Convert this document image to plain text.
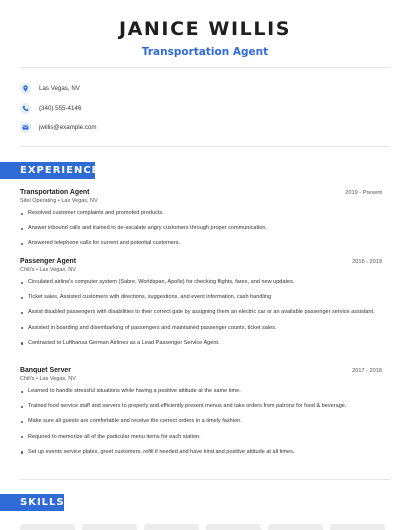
JANICE WILLIS
Transportation Agent
Las Vegas, NV
(340) 555-4146
jwillis@example.com
EXPERIENCE
Transportation Agent	2019 - Present
Sitel Operating • Las Vegas, NV
Resolved customer complaints and promoted products.
Answer inbound calls and trained to de-escalate angry customers through proper communication.
Answered telephone calls for current and potential customers.
Passenger Agent	2018 - 2019
Chili's • Las Vegas, NV
Circulated airline's computer system (Sabre, Worldspan, Apollo) for checking flights, fares, and new updates.
Ticket sales, Assisted customers with directions, suggestions, and event information, cash handling
Assist disabled passengers with disabilities to their correct gate by assigning them an electric car or an available passenger service assistant.
Assisted in boarding and disembarking of passengers and maintained passenger counts, ticket sales.
Contracted to Lufthansa German Airlines as a Lead Passenger Service Agent.
Banquet Server	2017 - 2018
Chili's • Las Vegas, NV
Learned to handle stressful situations while having a positive attitude at the same time.
Trained food service staff and servers to properly and efficiently present menus and take orders from patrons for food & beverage.
Make sure all guests are comfortable and receive the correct orders in a timely fashion.
Required to memorize all of the particular menu items for each station.
Set up events service plates, greet customers, refill if needed and have kind and positive attitude at all times.
SKILLS
